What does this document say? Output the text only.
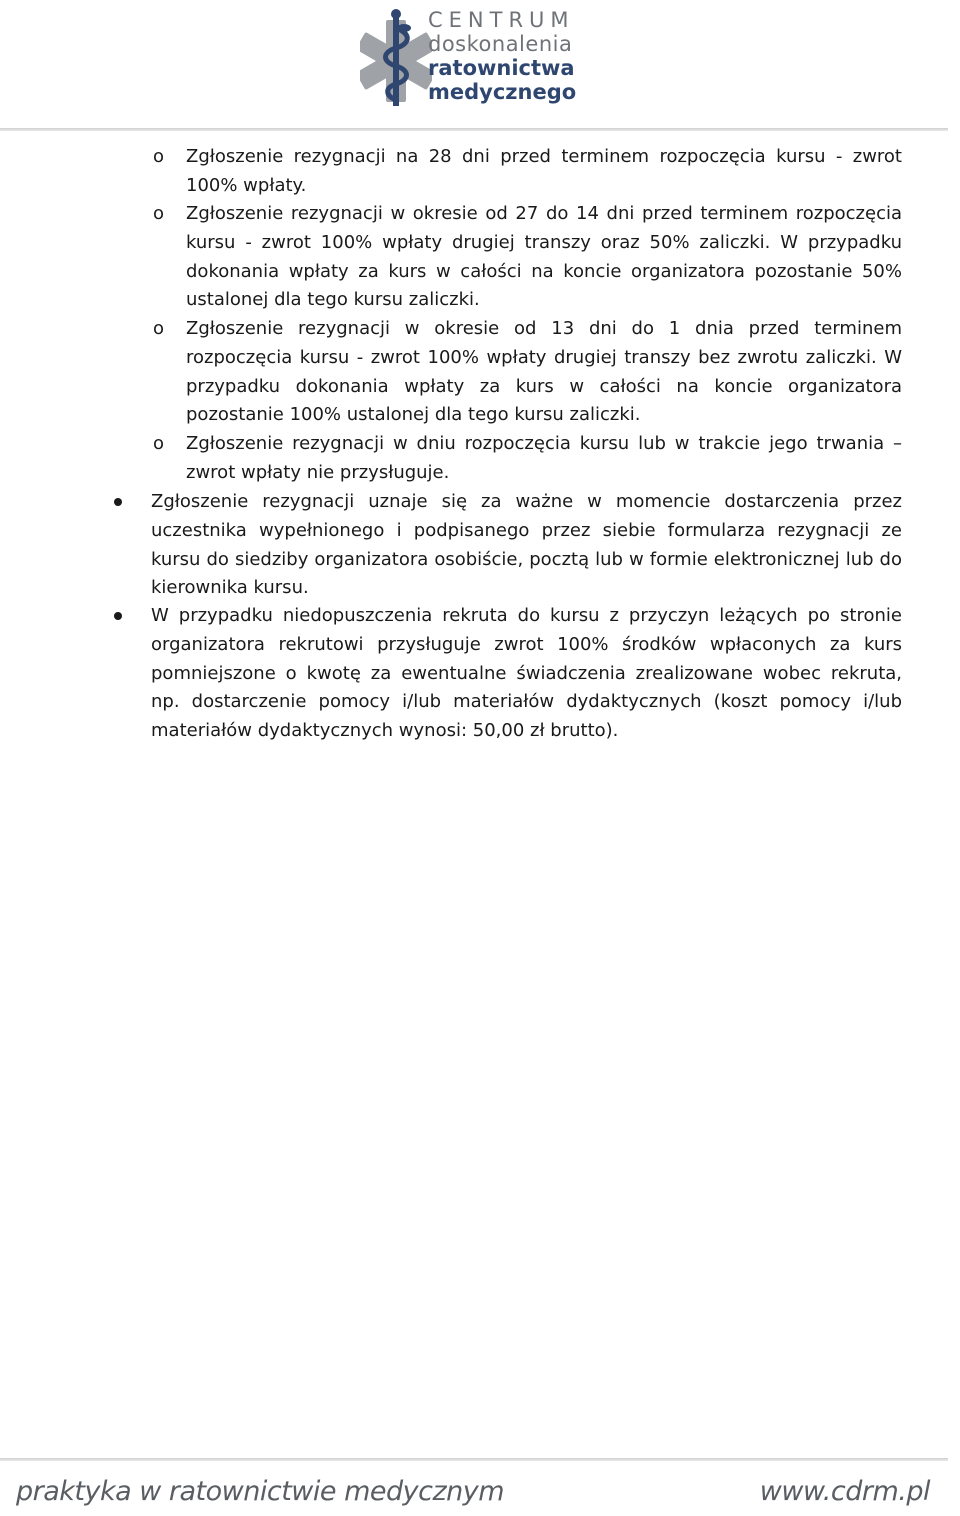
CENTRUM
doskonalenia
ratownictwa
medycznego
o Zgłoszenie rezygnacji na 28 dni przed terminem rozpoczęcia kursu - zwrot 100% wpłaty.
o Zgłoszenie rezygnacji w okresie od 27 do 14 dni przed terminem rozpoczęcia kursu - zwrot 100% wpłaty drugiej transzy oraz 50% zaliczki. W przypadku dokonania wpłaty za kurs w całości na koncie organizatora pozostanie 50% ustalonej dla tego kursu zaliczki.
o Zgłoszenie rezygnacji w okresie od 13 dni do 1 dnia przed terminem rozpoczęcia kursu - zwrot 100% wpłaty drugiej transzy bez zwrotu zaliczki. W przypadku dokonania wpłaty za kurs w całości na koncie organizatora pozostanie 100% ustalonej dla tego kursu zaliczki.
o Zgłoszenie rezygnacji w dniu rozpoczęcia kursu lub w trakcie jego trwania – zwrot wpłaty nie przysługuje.
Zgłoszenie rezygnacji uznaje się za ważne w momencie dostarczenia przez uczestnika wypełnionego i podpisanego przez siebie formularza rezygnacji ze kursu do siedziby organizatora osobiście, pocztą lub w formie elektronicznej lub do kierownika kursu.
W przypadku niedopuszczenia rekruta do kursu z przyczyn leżących po stronie organizatora rekrutowi przysługuje zwrot 100% środków wpłaconych za kurs pomniejszone o kwotę za ewentualne świadczenia zrealizowane wobec rekruta, np. dostarczenie pomocy i/lub materiałów dydaktycznych (koszt pomocy i/lub materiałów dydaktycznych wynosi: 50,00 zł brutto).
praktyka w ratownictwie medycznym	www.cdrm.pl
